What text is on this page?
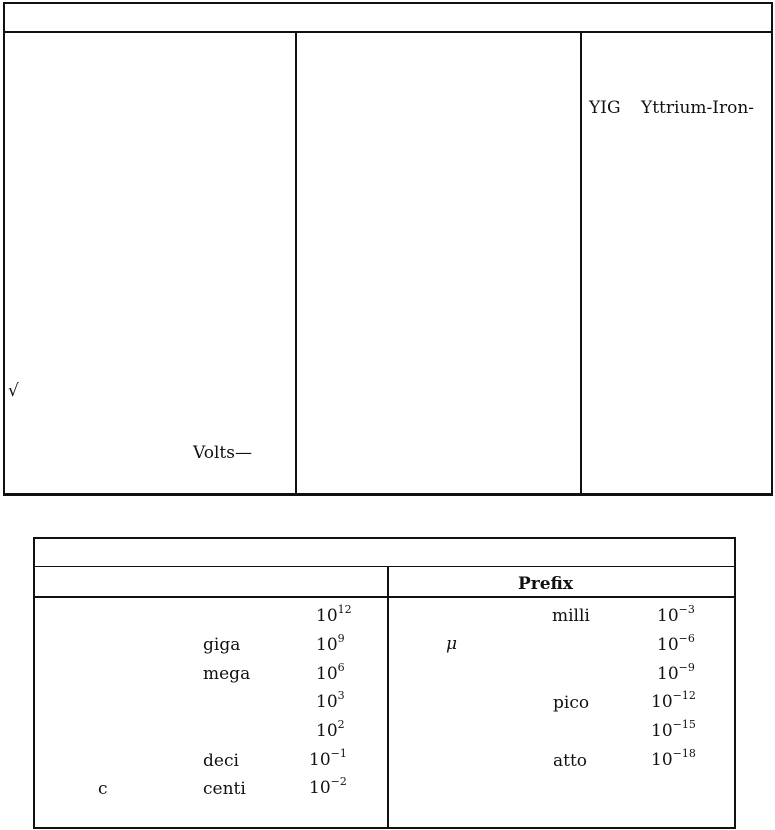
YIG Yttrium-Iron-
√
Volts—
Prefix
giga
mega
deci
centi
c
$10^{12}$
$10^9$
$10^6$
$10^3$
$10^2$
$10^{-1}$
$10^{-2}$
milli
pico
atto
μ
$10^{-3}$
$10^{-6}$
$10^{-9}$
$10^{-12}$
$10^{-15}$
$10^{-18}$
